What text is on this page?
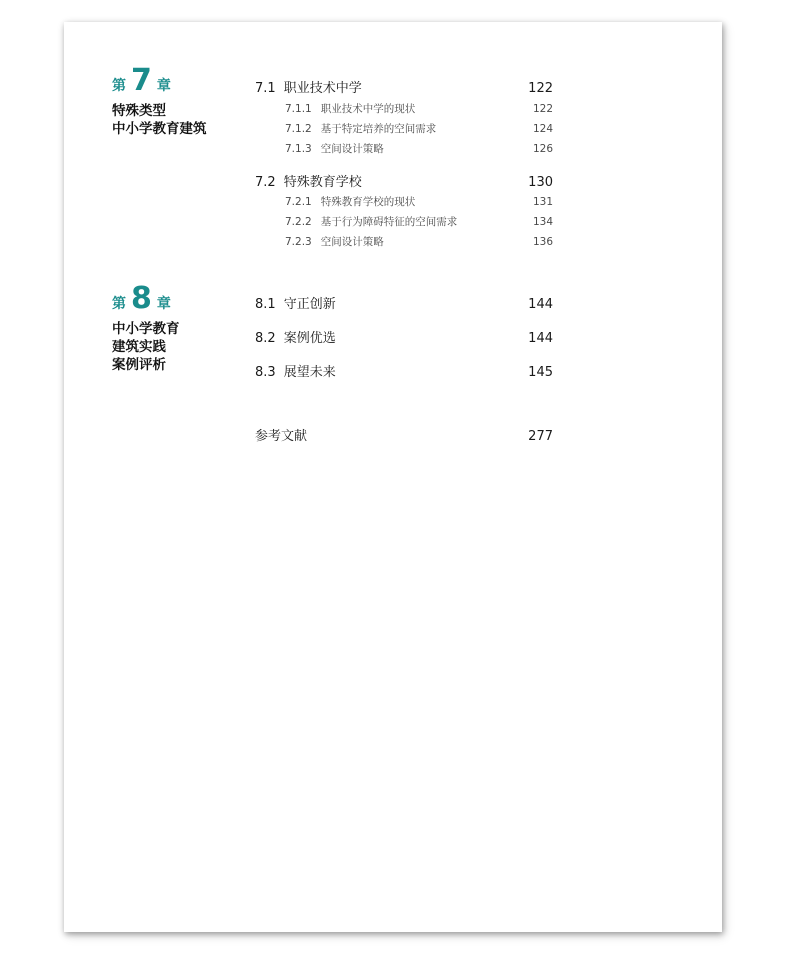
第 7 章
特殊类型
中小学教育建筑
7.1 职业技术中学	122
7.1.1 职业技术中学的现状	122
7.1.2 基于特定培养的空间需求	124
7.1.3 空间设计策略	126
7.2 特殊教育学校	130
7.2.1 特殊教育学校的现状	131
7.2.2 基于行为障碍特征的空间需求	134
7.2.3 空间设计策略	136
第 8 章
中小学教育
建筑实践
案例评析
8.1 守正创新	144
8.2 案例优选	144
8.3 展望未来	145
参考文献	277
